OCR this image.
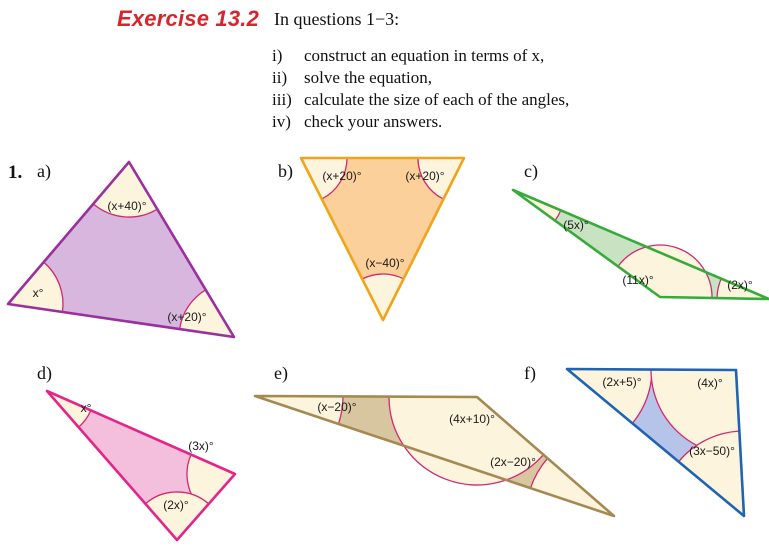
Exercise 13.2 In questions 1−3:
i)	construct an equation in terms of x,
ii) solve the equation,
iii) calculate the size of each of the angles,
iv) check your answers.
1. a)	b)	c)
d)	e)	f)
(x+40)°
x°
(x+20)°
(x+20)°	(x+20)°
(x−40)°
(5x)°
(11x)°	(2x)°
x°
(3x)°
(2x)°
(x−20)°
(4x+10)°
(2x−20)°
(2x+5)°	(4x)°
(3x−50)°
